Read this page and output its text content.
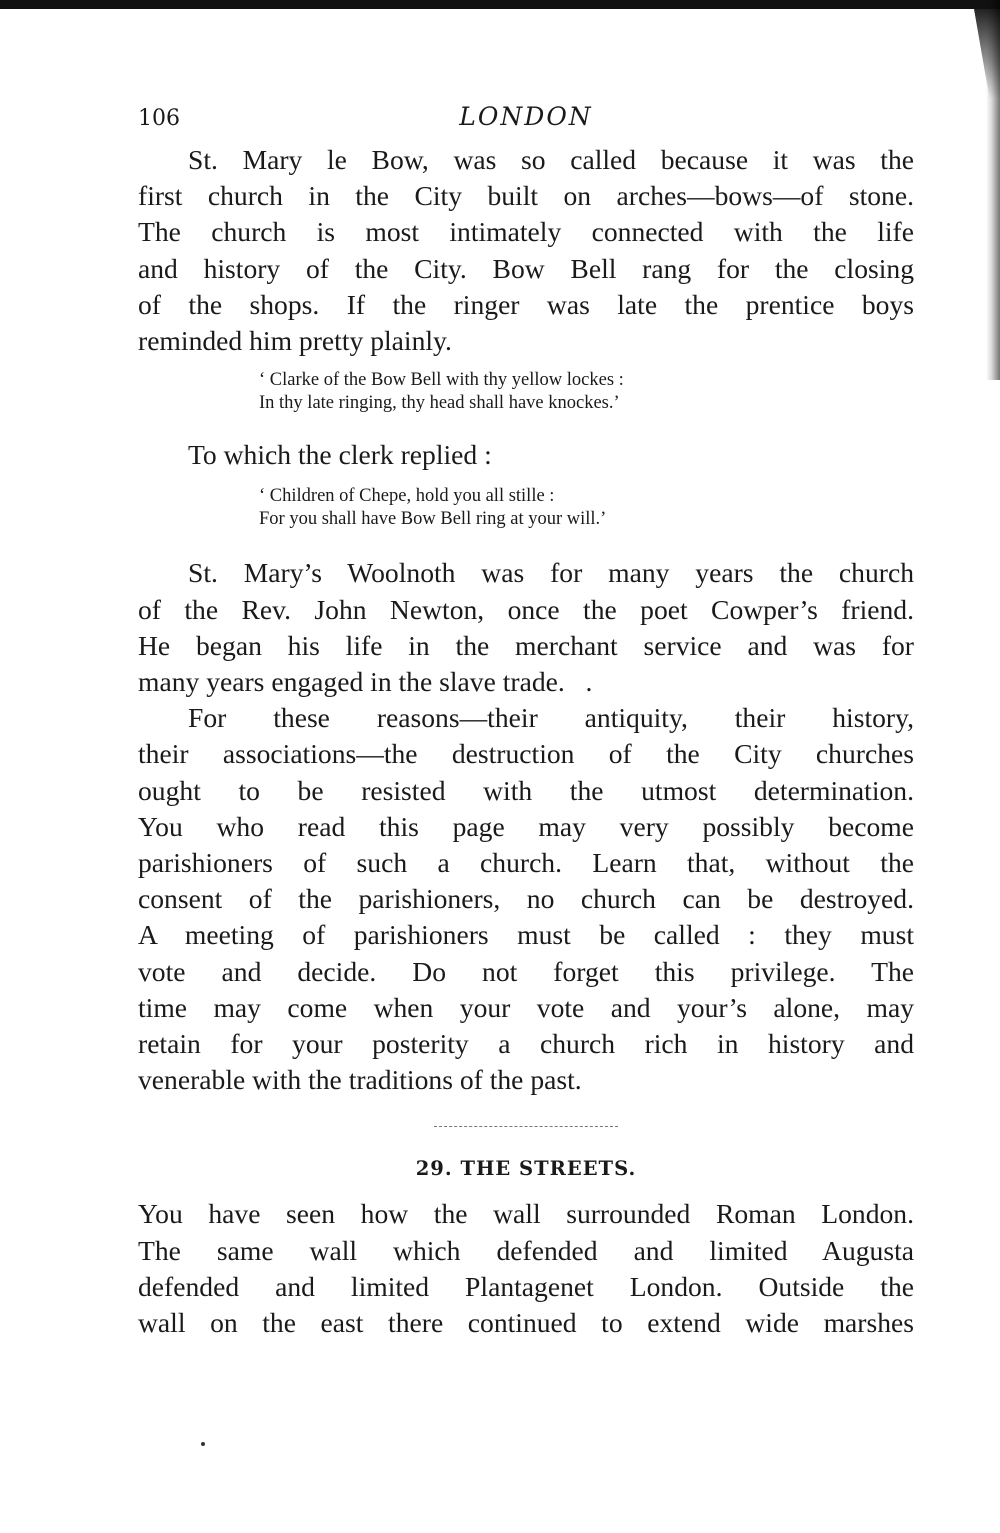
106	LONDON
St. Mary le Bow, was so called because it was the
first church in the City built on arches—bows—of stone.
The church is most intimately connected with the life
and history of the City. Bow Bell rang for the closing
of the shops. If the ringer was late the prentice boys
reminded him pretty plainly.
‘ Clarke of the Bow Bell with thy yellow lockes :
In thy late ringing, thy head shall have knockes.’
To which the clerk replied :
‘ Children of Chepe, hold you all stille :
For you shall have Bow Bell ring at your will.’
St. Mary’s Woolnoth was for many years the church
of the Rev. John Newton, once the poet Cowper’s friend.
He began his life in the merchant service and was for
many years engaged in the slave trade.   .
For these reasons—their antiquity, their history,
their associations—the destruction of the City churches
ought to be resisted with the utmost determination.
You who read this page may very possibly become
parishioners of such a church. Learn that, without the
consent of the parishioners, no church can be destroyed.
A meeting of parishioners must be called : they must
vote and decide. Do not forget this privilege. The
time may come when your vote and your’s alone, may
retain for your posterity a church rich in history and
venerable with the traditions of the past.
29. THE STREETS.
You have seen how the wall surrounded Roman London.
The same wall which defended and limited Augusta
defended and limited Plantagenet London. Outside the
wall on the east there continued to extend wide marshes
